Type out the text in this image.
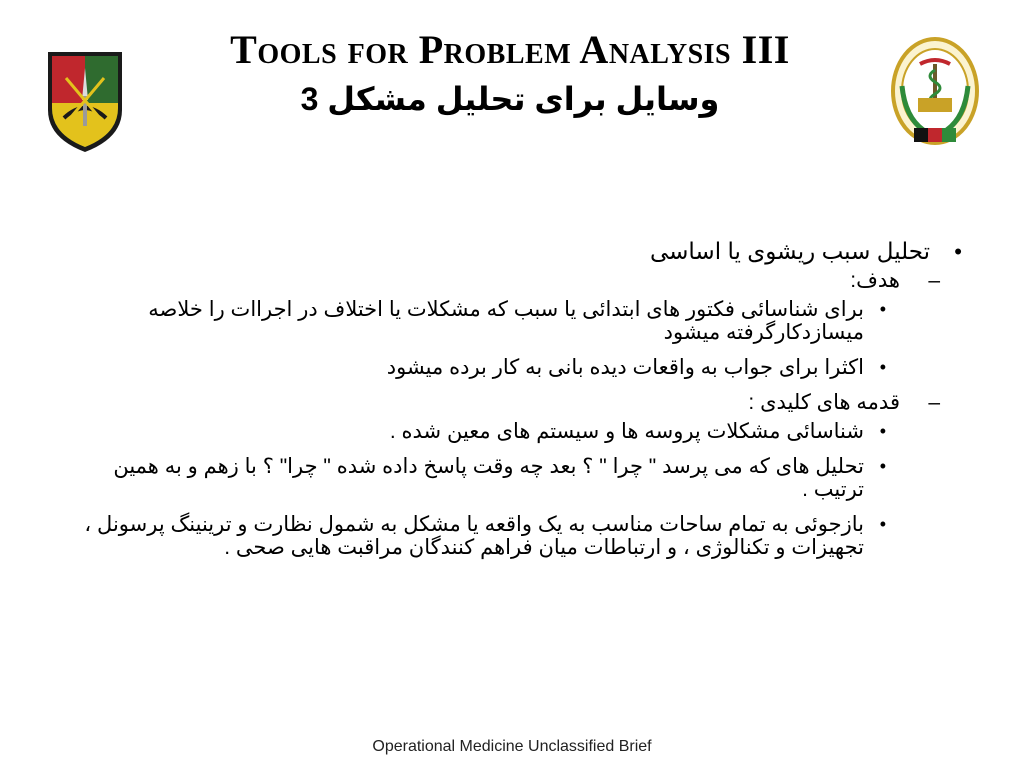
Tools for Problem Analysis III
وسایل برای تحلیل مشکل 3
•
تحلیل سبب ریشوی یا اساسی
–
هدف:
•
برای شناسائی فکتور های ابتدائی یا سبب که مشکلات یا اختلاف در اجراات را خلاصه میسازدکارگرفته میشود
•
اکثرا برای جواب به واقعات دیده بانی به کار برده میشود
–
قدمه های کلیدی :
•
شناسائی مشکلات پروسه ها و سیستم های معین شده .
•
تحلیل های که می پرسد " چرا " ؟ بعد چه وقت پاسخ داده شده " چرا" ؟ با زهم و به همین ترتیب .
•
بازجوئی به تمام ساحات مناسب به یک واقعه یا مشکل به شمول نظارت و ترینینگ پرسونل ، تجهیزات و تکنالوژی ، و ارتباطات میان فراهم کنندگان مراقبت هایی صحی .
Operational Medicine Unclassified Brief
